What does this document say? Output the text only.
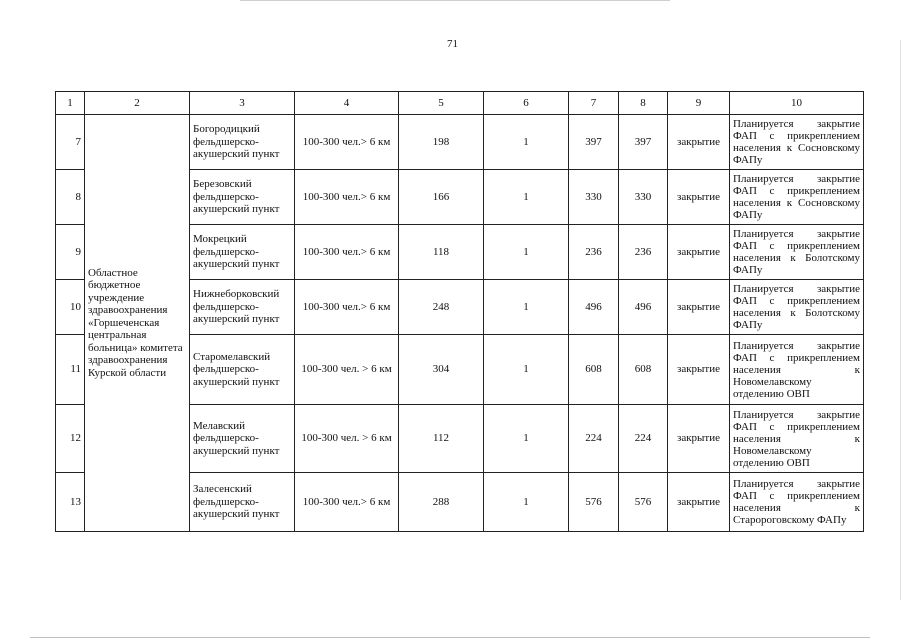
71
1	2	3	4	5	6	7	8	9	10
7	Областное бюджетное учреждение здравоохранения «Горшеченская центральная больница» комитета здравоохранения Курской области	Богородицкий фельдшерско-акушерский пункт	100-300 чел.> 6 км	198	1	397	397	закрытие	Планируется закрытие ФАП с прикреплением населения к Сосновскому ФАПу
8		Березовский фельдшерско-акушерский пункт	100-300 чел.> 6 км	166	1	330	330	закрытие	Планируется закрытие ФАП с прикреплением населения к Сосновскому ФАПу
9		Мокрецкий фельдшерско-акушерский пункт	100-300 чел.> 6 км	118	1	236	236	закрытие	Планируется закрытие ФАП с прикреплением населения к Болотскому ФАПу
10		Нижнеборковский фельдшерско-акушерский пункт	100-300 чел.> 6 км	248	1	496	496	закрытие	Планируется закрытие ФАП с прикреплением населения к Болотскому ФАПу
11		Старомелавский фельдшерско-акушерский пункт	100-300 чел. > 6 км	304	1	608	608	закрытие	Планируется закрытие ФАП с прикреплением населения к Новомелавскому отделению ОВП
12		Мелавский фельдшерско-акушерский пункт	100-300 чел. > 6 км	112	1	224	224	закрытие	Планируется закрытие ФАП с прикреплением населения к Новомелавскому отделению ОВП
13		Залесенский фельдшерско-акушерский пункт	100-300 чел.> 6 км	288	1	576	576	закрытие	Планируется закрытие ФАП с прикреплением населения к Старороговскому ФАПу
